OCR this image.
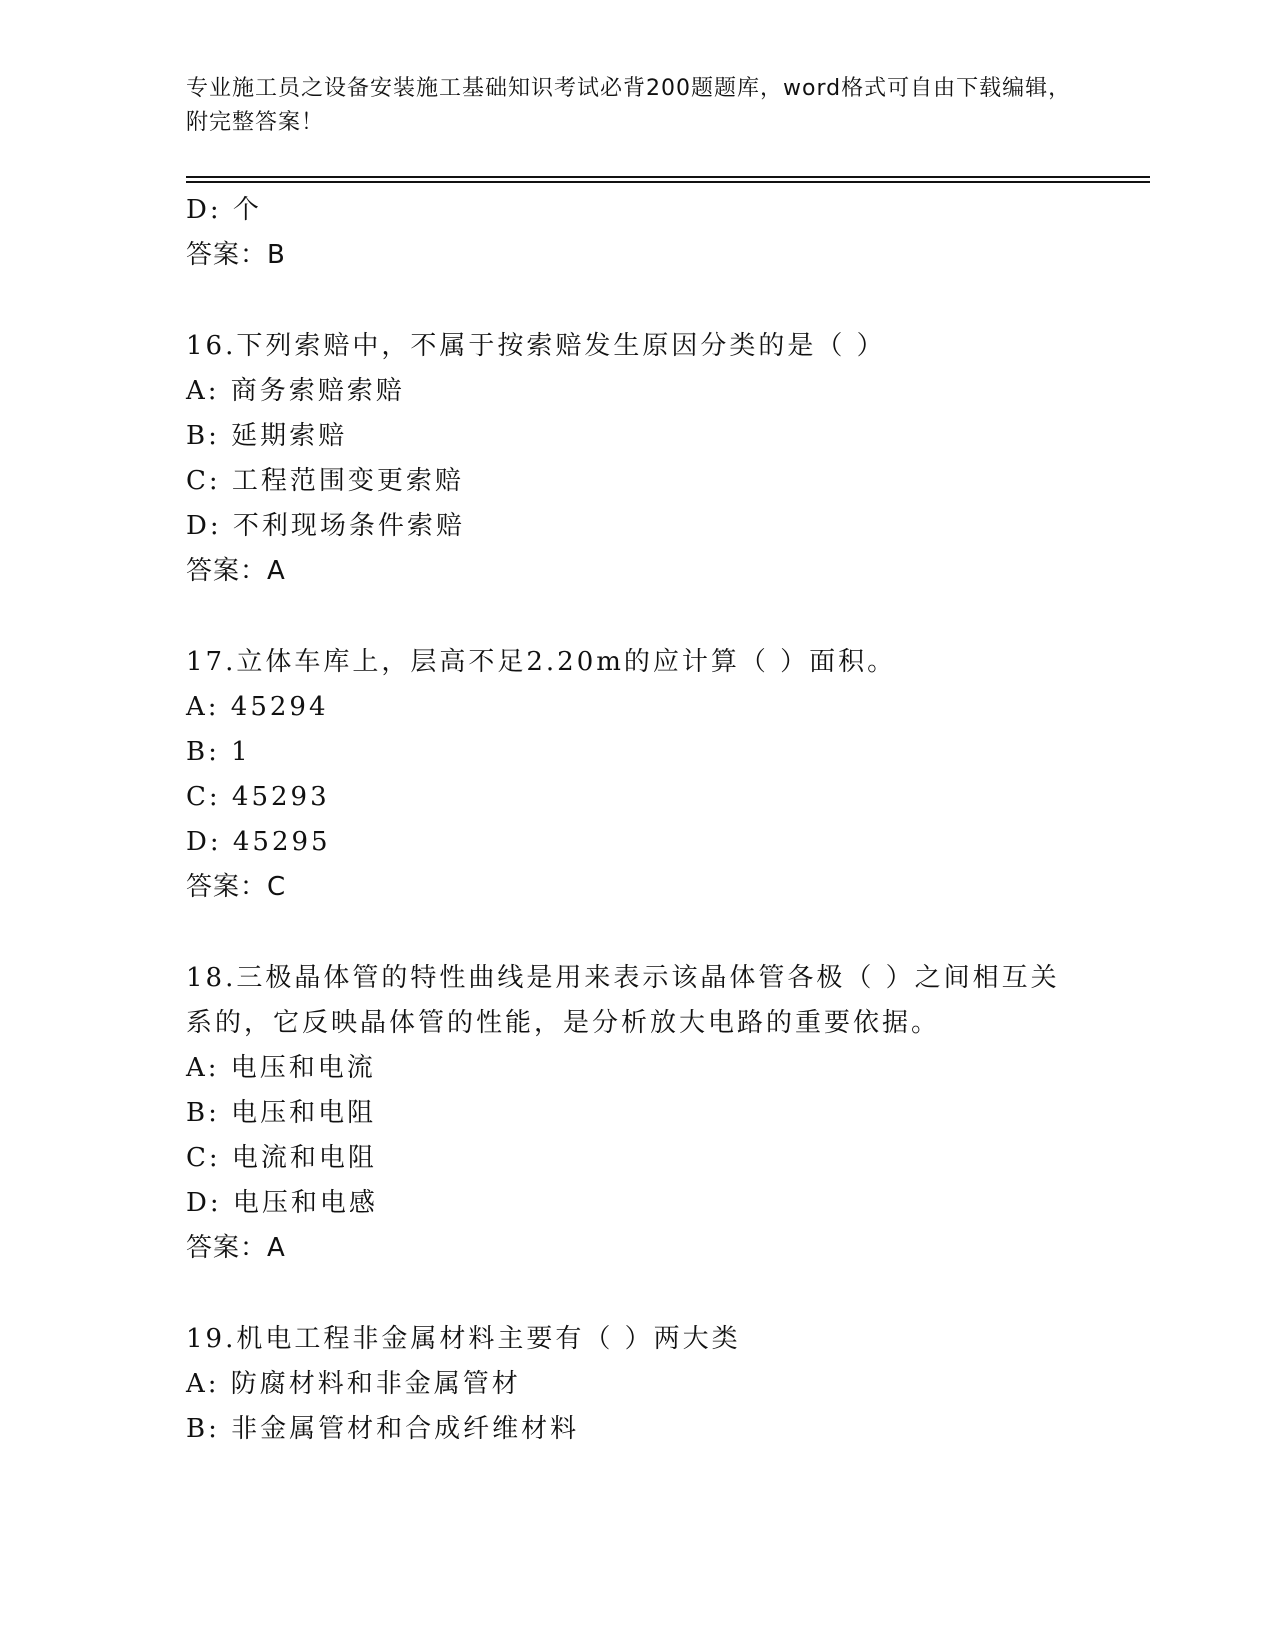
专业施工员之设备安装施工基础知识考试必背200题题库，word格式可自由下载编辑，附完整答案！
D: 个
答案：B
16.下列索赔中，不属于按索赔发生原因分类的是（ ）
A: 商务索赔索赔
B: 延期索赔
C: 工程范围变更索赔
D: 不利现场条件索赔
答案：A
17.立体车库上，层高不足2.20m的应计算（ ）面积。
A: 45294
B: 1
C: 45293
D: 45295
答案：C
18.三极晶体管的特性曲线是用来表示该晶体管各极（ ）之间相互关系的，它反映晶体管的性能，是分析放大电路的重要依据。
A: 电压和电流
B: 电压和电阻
C: 电流和电阻
D: 电压和电感
答案：A
19.机电工程非金属材料主要有（ ）两大类
A: 防腐材料和非金属管材
B: 非金属管材和合成纤维材料
